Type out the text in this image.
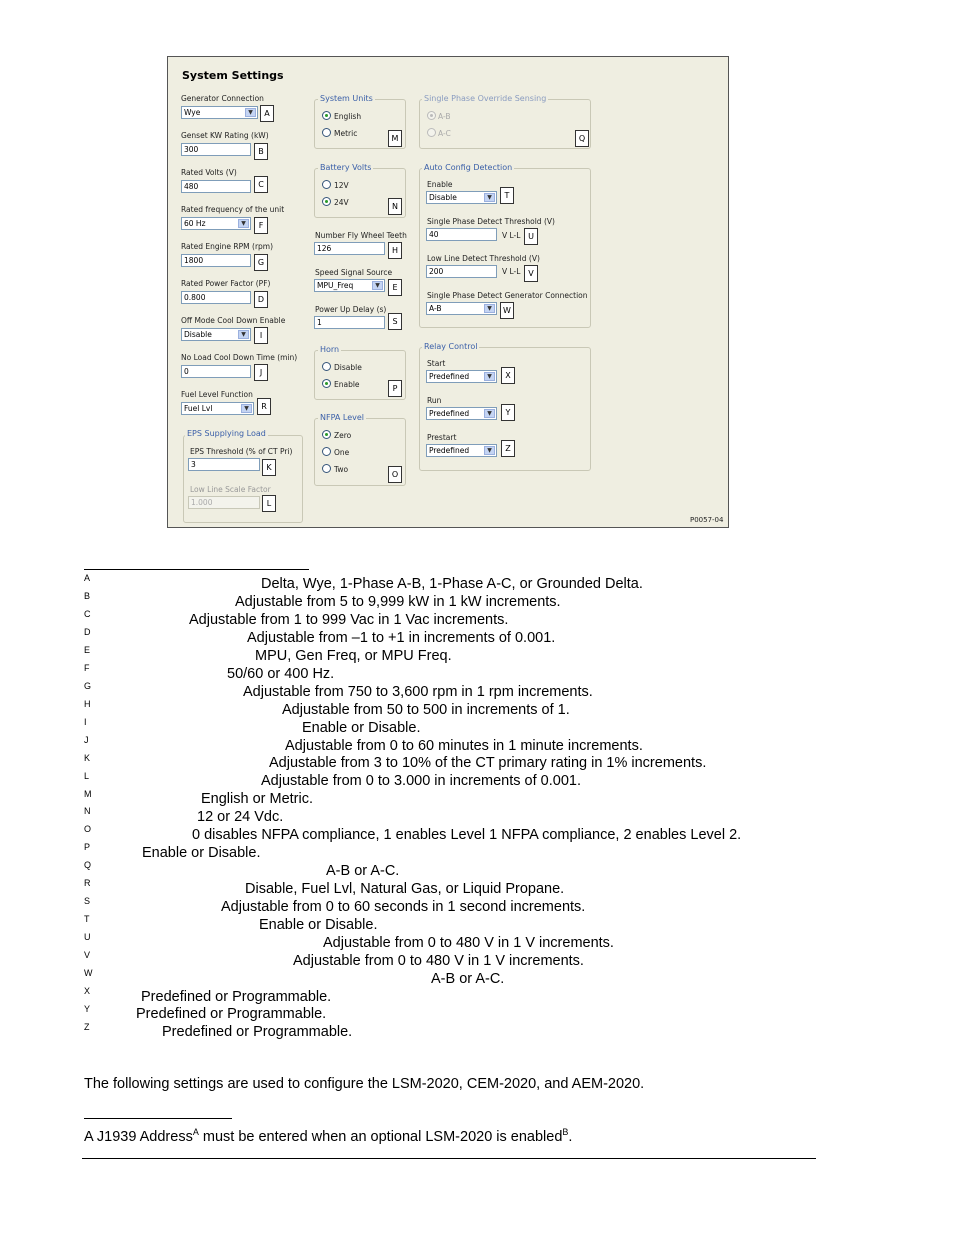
System Settings
Generator Connection
Wye	▼	A
Genset KW Rating (kW)
300	B
Rated Volts (V)
480	C
Rated frequency of the unit
60 Hz	▼	F
Rated Engine RPM (rpm)
1800	G
Rated Power Factor (PF)
0.800	D
Off Mode Cool Down Enable
Disable	▼	I
No Load Cool Down Time (min)
0	J
Fuel Level Function
Fuel Lvl	▼	R
EPS Supplying Load
EPS Threshold (% of CT Pri)
3	K
Low Line Scale Factor
1.000	L
System Units
English
Metric
M
Battery Volts
12V
24V	N
Number Fly Wheel Teeth
126	H
Speed Signal Source
MPU_Freq	▼	E
Power Up Delay (s)
1	S
Horn
Disable
Enable	P
NFPA Level
Zero
One
Two
O
Single Phase Override Sensing
A-B
A-C
Q
Auto Config Detection
Enable
Disable	▼	T
Single Phase Detect Threshold (V)
40	V L-L U
Low Line Detect Threshold (V)
200	V L-L V
Single Phase Detect Generator Connection
A-B	▼	W
Relay Control
Start
Predefined	▼	X
Run
Predefined	▼	Y
Prestart
Predefined	▼	Z
P0057-04
A	Delta, Wye, 1-Phase A-B, 1-Phase A-C, or Grounded Delta.
B	Adjustable from 5 to 9,999 kW in 1 kW increments.
C	Adjustable from 1 to 999 Vac in 1 Vac increments.
D	Adjustable from –1 to +1 in increments of 0.001.
E	MPU, Gen Freq, or MPU Freq.
F	50/60 or 400 Hz.
G	Adjustable from 750 to 3,600 rpm in 1 rpm increments.
H	Adjustable from 50 to 500 in increments of 1.
I	Enable or Disable.
J	Adjustable from 0 to 60 minutes in 1 minute increments.
K	Adjustable from 3 to 10% of the CT primary rating in 1% increments.
L	Adjustable from 0 to 3.000 in increments of 0.001.
M	English or Metric.
N	12 or 24 Vdc.
O	0 disables NFPA compliance, 1 enables Level 1 NFPA compliance, 2 enables Level 2.
P	Enable or Disable.
Q	A-B or A-C.
R	Disable, Fuel Lvl, Natural Gas, or Liquid Propane.
S	Adjustable from 0 to 60 seconds in 1 second increments.
T	Enable or Disable.
U	Adjustable from 0 to 480 V in 1 V increments.
V	Adjustable from 0 to 480 V in 1 V increments.
W	A-B or A-C.
X	Predefined or Programmable.
Y	Predefined or Programmable.
Z	Predefined or Programmable.
The following settings are used to configure the LSM-2020, CEM-2020, and AEM-2020.
A J1939 Address$^A$ must be entered when an optional LSM-2020 is enabled$^B$.
